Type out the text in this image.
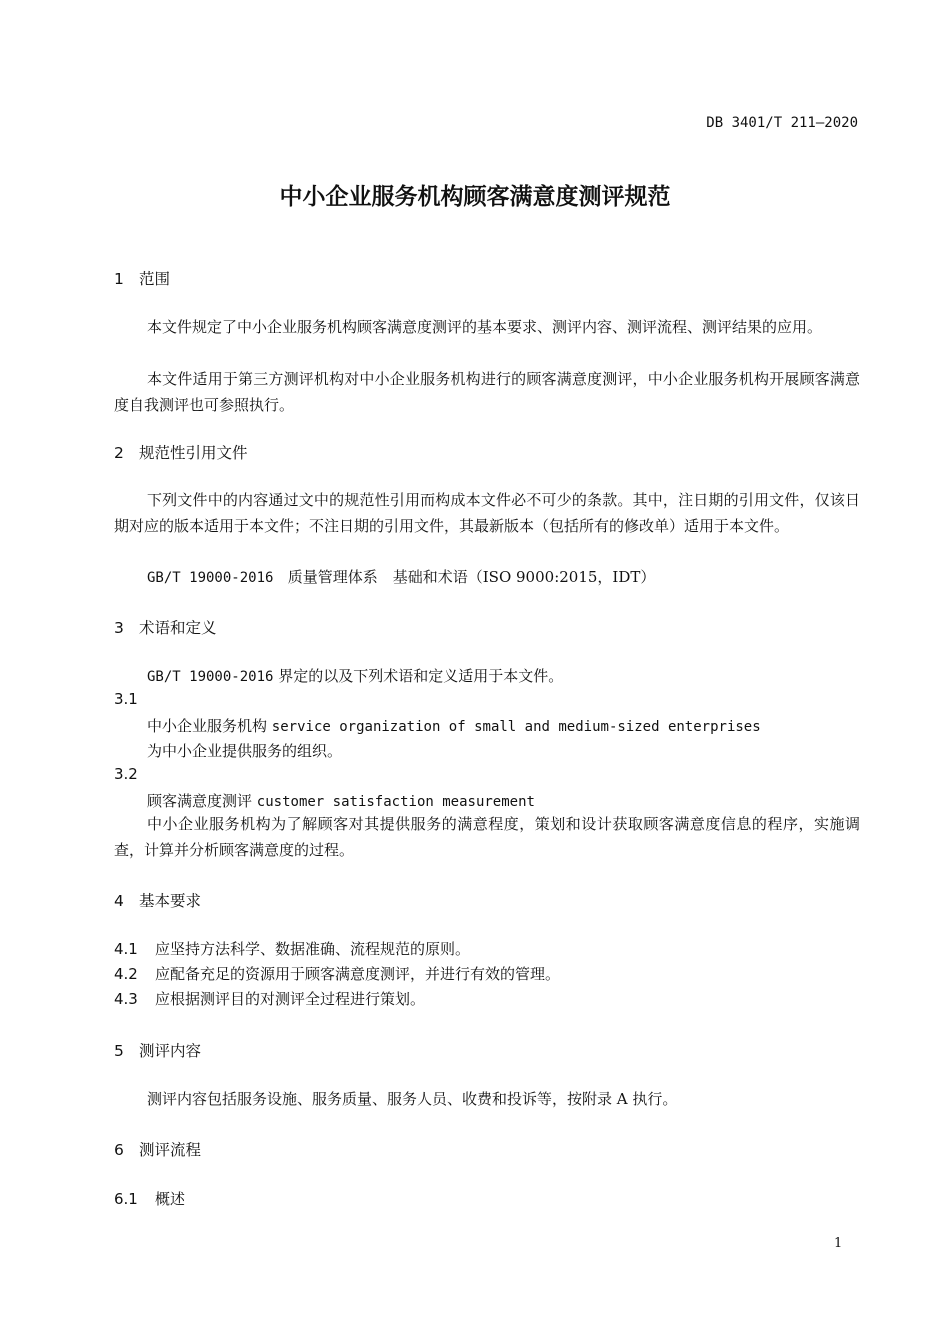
DB 3401/T 211—2020
中小企业服务机构顾客满意度测评规范
1 范围
本文件规定了中小企业服务机构顾客满意度测评的基本要求、测评内容、测评流程、测评结果的应用。
本文件适用于第三方测评机构对中小企业服务机构进行的顾客满意度测评，中小企业服务机构开展顾客满意度自我测评也可参照执行。
2 规范性引用文件
下列文件中的内容通过文中的规范性引用而构成本文件必不可少的条款。其中，注日期的引用文件，仅该日期对应的版本适用于本文件；不注日期的引用文件，其最新版本（包括所有的修改单）适用于本文件。
GB/T 19000-2016 质量管理体系　基础和术语（ISO 9000:2015，IDT）
3 术语和定义
GB/T 19000-2016 界定的以及下列术语和定义适用于本文件。
3.1
中小企业服务机构 service organization of small and medium-sized enterprises
为中小企业提供服务的组织。
3.2
顾客满意度测评 customer satisfaction measurement
中小企业服务机构为了解顾客对其提供服务的满意程度，策划和设计获取顾客满意度信息的程序，实施调查，计算并分析顾客满意度的过程。
4 基本要求
4.1 应坚持方法科学、数据准确、流程规范的原则。
4.2 应配备充足的资源用于顾客满意度测评，并进行有效的管理。
4.3 应根据测评目的对测评全过程进行策划。
5 测评内容
测评内容包括服务设施、服务质量、服务人员、收费和投诉等，按附录 A 执行。
6 测评流程
6.1 概述
1
